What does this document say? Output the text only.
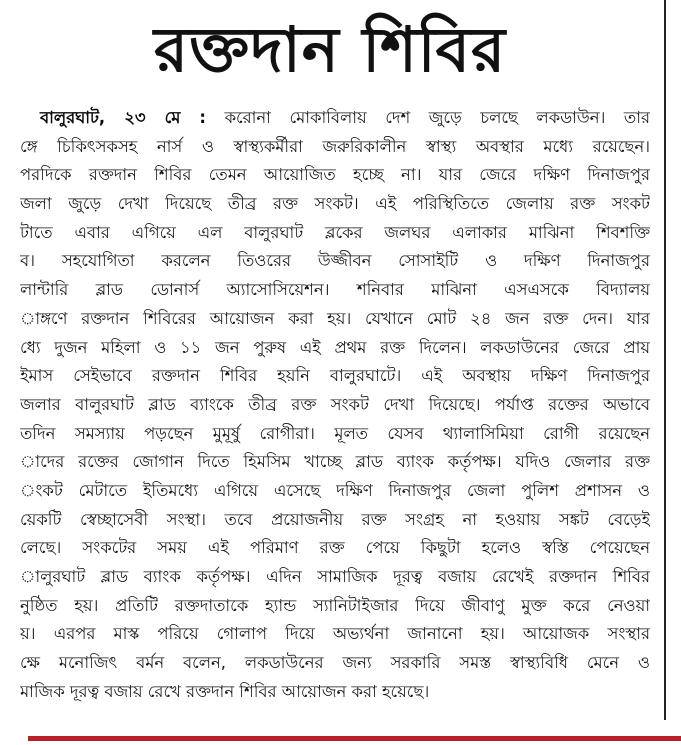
রক্তদান শিবির
বালুরঘাট, ২৩ মে : করোনা মোকাবিলায় দেশ জুড়ে চলছে লকডাউন। তার
ঙ্গে চিকিৎসকসহ নার্স ও স্বাস্থ্যকর্মীরা জরুরিকালীন স্বাস্থ্য অবস্থার মধ্যে রয়েছেন।
পরদিকে রক্তদান শিবির তেমন আয়োজিত হচ্ছে না। যার জেরে দক্ষিণ দিনাজপুর
জলা জুড়ে দেখা দিয়েছে তীব্র রক্ত সংকট। এই পরিস্থিতিতে জেলায় রক্ত সংকট
টাতে এবার এগিয়ে এল বালুরঘাট ব্লকের জলঘর এলাকার মাঝিনা শিবশক্তি
ব। সহযোগিতা করলেন তিওরের উজ্জীবন সোসাইটি ও দক্ষিণ দিনাজপুর
লান্টারি ব্লাড ডোনার্স অ্যাসোসিয়েশন। শনিবার মাঝিনা এসএসকে বিদ্যালয়
াঙ্গণে রক্তদান শিবিরের আয়োজন করা হয়। যেখানে মোট ২৪ জন রক্ত দেন। যার
ধ্যে দুজন মহিলা ও ১১ জন পুরুষ এই প্রথম রক্ত দিলেন। লকডাউনের জেরে প্রায়
ইমাস সেইভাবে রক্তদান শিবির হয়নি বালুরঘাটে। এই অবস্থায় দক্ষিণ দিনাজপুর
জলার বালুরঘাট ব্লাড ব্যাংকে তীব্র রক্ত সংকট দেখা দিয়েছে। পর্যাপ্ত রক্তের অভাবে
তদিন সমস্যায় পড়ছেন মুমূর্ষু রোগীরা। মূলত যেসব থ্যালাসিমিয়া রোগী রয়েছেন
াদের রক্তের জোগান দিতে হিমসিম খাচ্ছে ব্লাড ব্যাংক কর্তৃপক্ষ। যদিও জেলার রক্ত
ংকট মেটাতে ইতিমধ্যে এগিয়ে এসেছে দক্ষিণ দিনাজপুর জেলা পুলিশ প্রশাসন ও
য়েকটি স্বেচ্ছাসেবী সংস্থা। তবে প্রয়োজনীয় রক্ত সংগ্রহ না হওয়ায় সঙ্কট বেড়েই
লেছে। সংকটের সময় এই পরিমাণ রক্ত পেয়ে কিছুটা হলেও স্বস্তি পেয়েছেন
ালুরঘাট ব্লাড ব্যাংক কর্তৃপক্ষ। এদিন সামাজিক দূরত্ব বজায় রেখেই রক্তদান শিবির
নুষ্ঠিত হয়। প্রতিটি রক্তদাতাকে হ্যান্ড স্যানিটাইজার দিয়ে জীবাণু মুক্ত করে নেওয়া
য়। এরপর মাস্ক পরিয়ে গোলাপ দিয়ে অভ্যর্থনা জানানো হয়। আয়োজক সংস্থার
ক্ষে মনোজিৎ বর্মন বলেন, লকডাউনের জন্য সরকারি সমস্ত স্বাস্থ্যবিধি মেনে ও
মাজিক দূরত্ব বজায় রেখে রক্তদান শিবির আয়োজন করা হয়েছে।
